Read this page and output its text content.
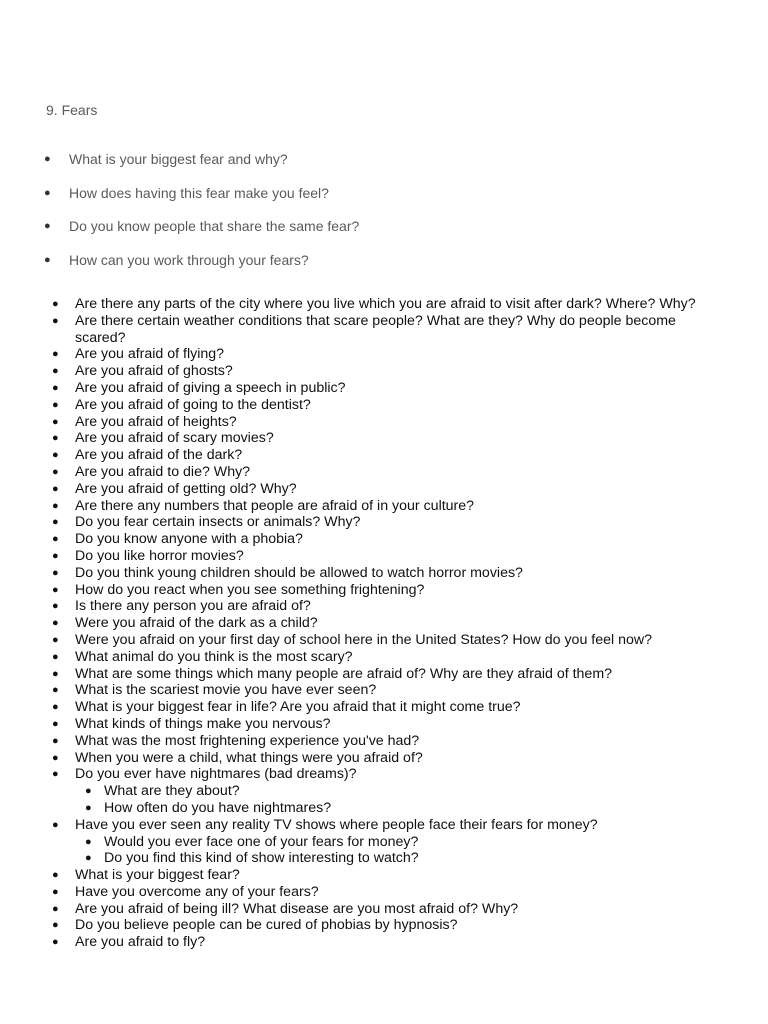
9. Fears
● What is your biggest fear and why?
● How does having this fear make you feel?
● Do you know people that share the same fear?
● How can you work through your fears?
● Are there any parts of the city where you live which you are afraid to visit after dark? Where? Why?
● Are there certain weather conditions that scare people? What are they? Why do people become scared?
● Are you afraid of flying?
● Are you afraid of ghosts?
● Are you afraid of giving a speech in public?
● Are you afraid of going to the dentist?
● Are you afraid of heights?
● Are you afraid of scary movies?
● Are you afraid of the dark?
● Are you afraid to die? Why?
● Are you afraid of getting old? Why?
● Are there any numbers that people are afraid of in your culture?
● Do you fear certain insects or animals? Why?
● Do you know anyone with a phobia?
● Do you like horror movies?
● Do you think young children should be allowed to watch horror movies?
● How do you react when you see something frightening?
● Is there any person you are afraid of?
● Were you afraid of the dark as a child?
● Were you afraid on your first day of school here in the United States? How do you feel now?
● What animal do you think is the most scary?
● What are some things which many people are afraid of? Why are they afraid of them?
● What is the scariest movie you have ever seen?
● What is your biggest fear in life? Are you afraid that it might come true?
● What kinds of things make you nervous?
● What was the most frightening experience you've had?
● When you were a child, what things were you afraid of?
● Do you ever have nightmares (bad dreams)?
● What are they about?
● How often do you have nightmares?
● Have you ever seen any reality TV shows where people face their fears for money?
● Would you ever face one of your fears for money?
● Do you find this kind of show interesting to watch?
● What is your biggest fear?
● Have you overcome any of your fears?
● Are you afraid of being ill? What disease are you most afraid of? Why?
● Do you believe people can be cured of phobias by hypnosis?
● Are you afraid to fly?
